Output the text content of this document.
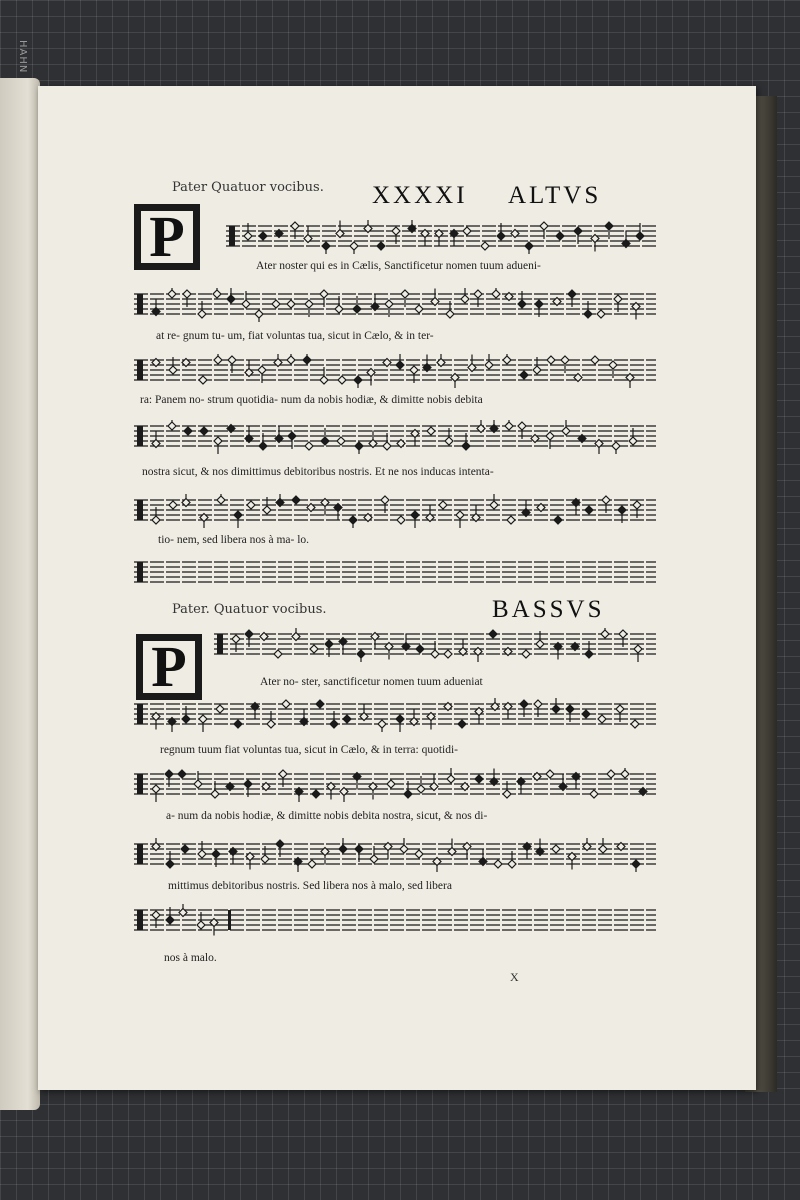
HAHN
Pater Quatuor vocibus. XXXXI ALTVS
P	Ater noster qui es in Cælis, Sanctificetur nomen tuum adueni-
at re- gnum tu- um, fiat voluntas tua, sicut in Cælo, & in ter-
ra: Panem no- strum quotidia- num da nobis hodiæ, & dimitte nobis debita
nostra sicut, & nos dimittimus debitoribus nostris. Et ne nos inducas intenta-
tio- nem, sed libera nos à ma- lo.
Pater. Quatuor vocibus.	BASSVS
P	Ater no- ster, sanctificetur nomen tuum adueniat
regnum tuum fiat voluntas tua, sicut in Cælo, & in terra: quotidi-
a- num da nobis hodiæ, & dimitte nobis debita nostra, sicut, & nos di-
mittimus debitoribus nostris. Sed libera nos à malo, sed libera
nos à malo.
X
